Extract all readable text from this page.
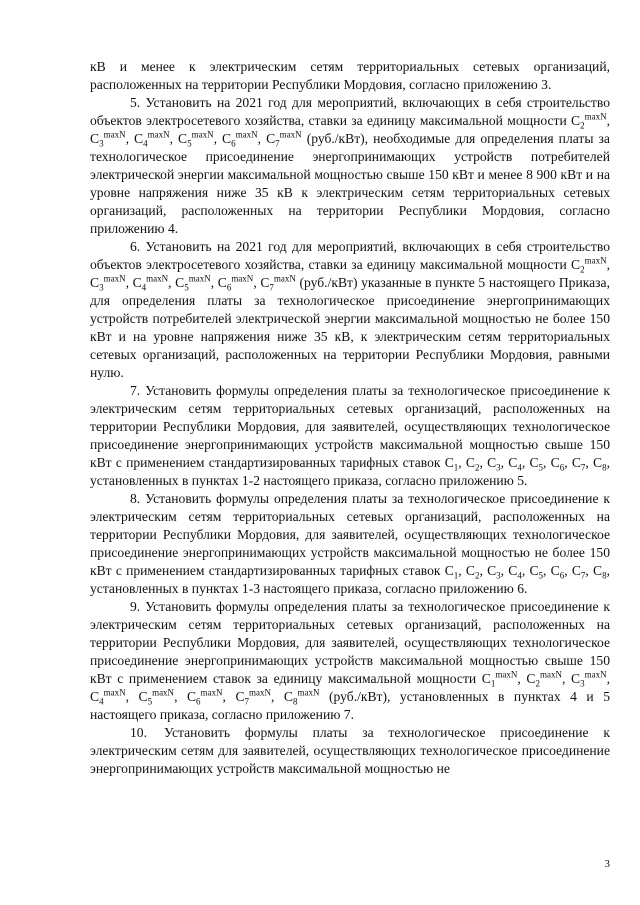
кВ и менее к электрическим сетям территориальных сетевых организаций, расположенных на территории Республики Мордовия, согласно приложению 3.

5. Установить на 2021 год для мероприятий, включающих в себя строительство объектов электросетевого хозяйства, ставки за единицу максимальной мощности $C_2^{maxN}$, $C_3^{maxN}$, $C_4^{maxN}$, $C_5^{maxN}$, $C_6^{maxN}$, $C_7^{maxN}$ (руб./кВт), необходимые для определения платы за технологическое присоединение энергопринимающих устройств потребителей электрической энергии максимальной мощностью свыше 150 кВт и менее 8 900 кВт и на уровне напряжения ниже 35 кВ к электрическим сетям территориальных сетевых организаций, расположенных на территории Республики Мордовия, согласно приложению 4.

6. Установить на 2021 год для мероприятий, включающих в себя строительство объектов электросетевого хозяйства, ставки за единицу максимальной мощности $C_2^{maxN}$, $C_3^{maxN}$, $C_4^{maxN}$, $C_5^{maxN}$, $C_6^{maxN}$, $C_7^{maxN}$ (руб./кВт) указанные в пункте 5 настоящего Приказа, для определения платы за технологическое присоединение энергопринимающих устройств потребителей электрической энергии максимальной мощностью не более 150 кВт и на уровне напряжения ниже 35 кВ, к электрическим сетям территориальных сетевых организаций, расположенных на территории Республики Мордовия, равными нулю.

7. Установить формулы определения платы за технологическое присоединение к электрическим сетям территориальных сетевых организаций, расположенных на территории Республики Мордовия, для заявителей, осуществляющих технологическое присоединение энергопринимающих устройств максимальной мощностью свыше 150 кВт с применением стандартизированных тарифных ставок $C_1$, $C_2$, $C_3$, $C_4$, $C_5$, $C_6$, $C_7$, $C_8$, установленных в пунктах 1-2 настоящего приказа, согласно приложению 5.

8. Установить формулы определения платы за технологическое присоединение к электрическим сетям территориальных сетевых организаций, расположенных на территории Республики Мордовия, для заявителей, осуществляющих технологическое присоединение энергопринимающих устройств максимальной мощностью не более 150 кВт с применением стандартизированных тарифных ставок $C_1$, $C_2$, $C_3$, $C_4$, $C_5$, $C_6$, $C_7$, $C_8$, установленных в пунктах 1-3 настоящего приказа, согласно приложению 6.

9. Установить формулы определения платы за технологическое присоединение к электрическим сетям территориальных сетевых организаций, расположенных на территории Республики Мордовия, для заявителей, осуществляющих технологическое присоединение энергопринимающих устройств максимальной мощностью свыше 150 кВт с применением ставок за единицу максимальной мощности $C_1^{maxN}$, $C_2^{maxN}$, $C_3^{maxN}$, $C_4^{maxN}$, $C_5^{maxN}$, $C_6^{maxN}$, $C_7^{maxN}$, $C_8^{maxN}$ (руб./кВт), установленных в пунктах 4 и 5 настоящего приказа, согласно приложению 7.

10. Установить формулы платы за технологическое присоединение к электрическим сетям для заявителей, осуществляющих технологическое присоединение энергопринимающих устройств максимальной мощностью не

3
